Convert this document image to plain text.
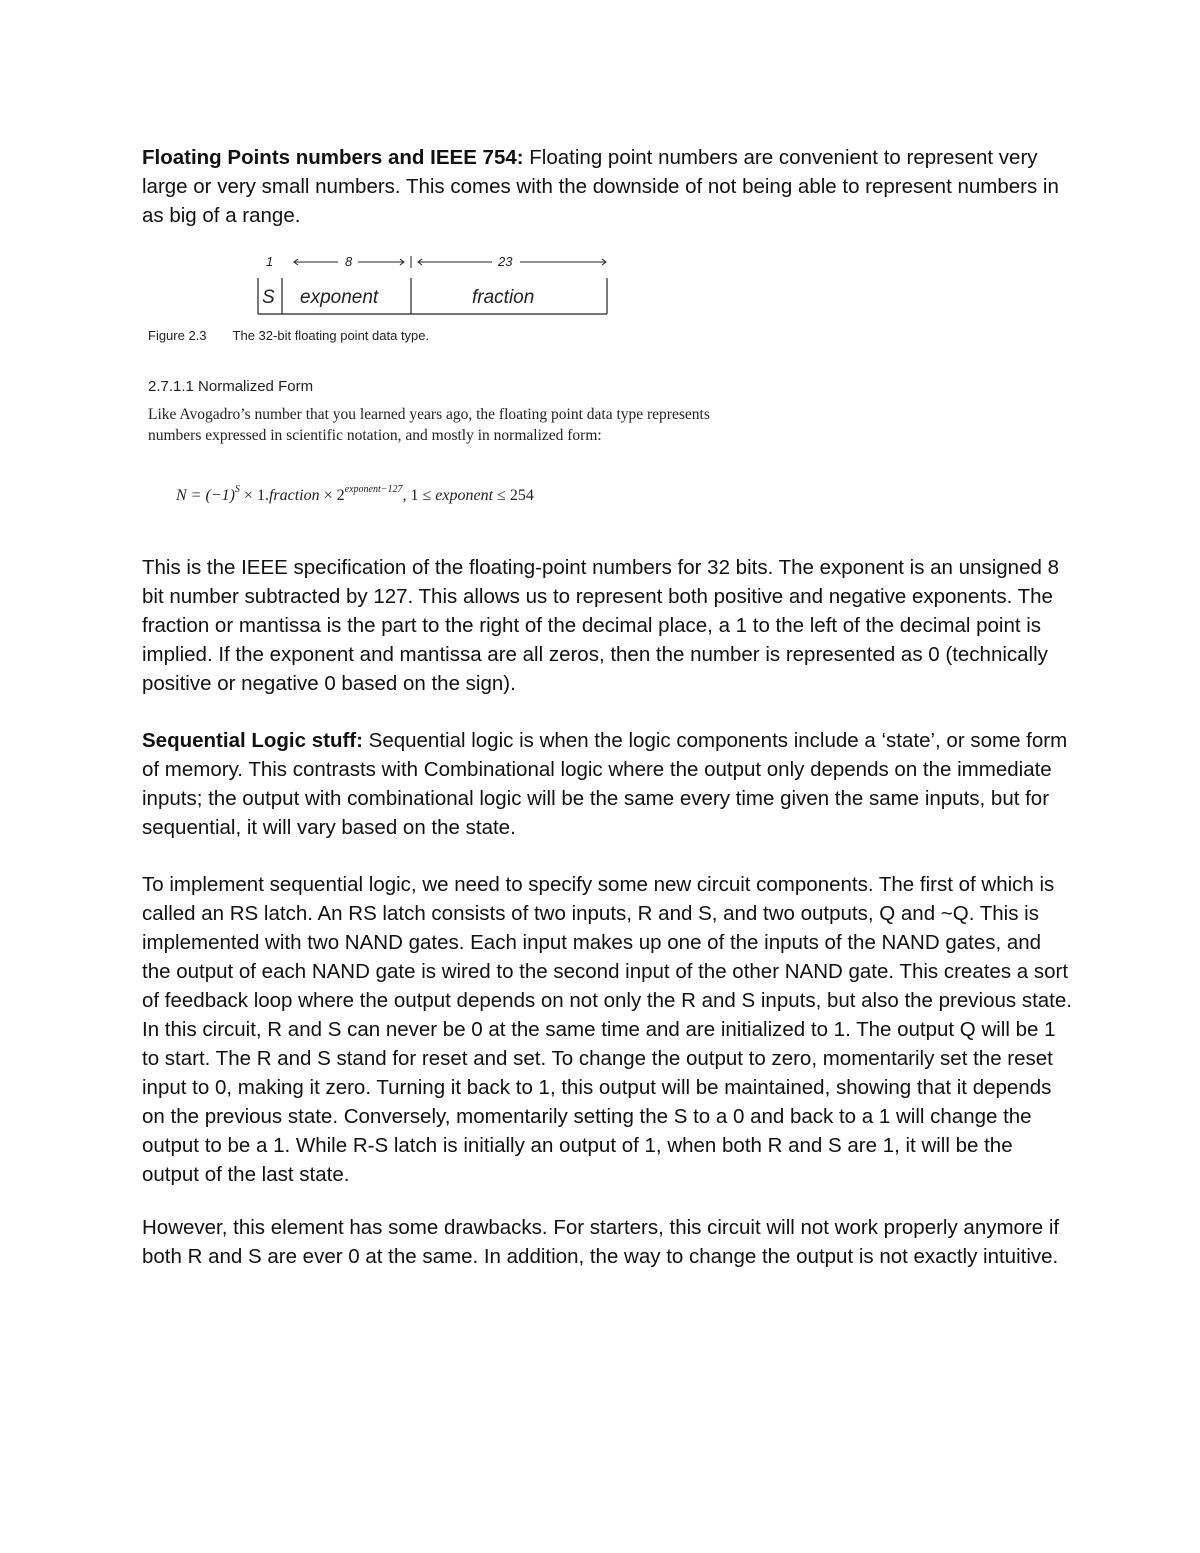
Floating Points numbers and IEEE 754: Floating point numbers are convenient to represent very large or very small numbers. This comes with the downside of not being able to represent numbers in as big of a range.

1	8	23
S exponent	fraction
Figure 2.3 The 32-bit floating point data type.
2.7.1.1 Normalized Form
Like Avogadro’s number that you learned years ago, the floating point data type represents numbers expressed in scientific notation, and mostly in normalized form:
$N = (-1)^S$ × 1.fraction × $2^{exponent-127}$, 1 ≤ exponent ≤ 254

This is the IEEE specification of the floating-point numbers for 32 bits. The exponent is an unsigned 8 bit number subtracted by 127. This allows us to represent both positive and negative exponents. The fraction or mantissa is the part to the right of the decimal place, a 1 to the left of the decimal point is implied. If the exponent and mantissa are all zeros, then the number is represented as 0 (technically positive or negative 0 based on the sign).

Sequential Logic stuff: Sequential logic is when the logic components include a ‘state’, or some form of memory. This contrasts with Combinational logic where the output only depends on the immediate inputs; the output with combinational logic will be the same every time given the same inputs, but for sequential, it will vary based on the state.

To implement sequential logic, we need to specify some new circuit components. The first of which is called an RS latch. An RS latch consists of two inputs, R and S, and two outputs, Q and ~Q. This is implemented with two NAND gates. Each input makes up one of the inputs of the NAND gates, and the output of each NAND gate is wired to the second input of the other NAND gate. This creates a sort of feedback loop where the output depends on not only the R and S inputs, but also the previous state. In this circuit, R and S can never be 0 at the same time and are initialized to 1. The output Q will be 1 to start. The R and S stand for reset and set. To change the output to zero, momentarily set the reset input to 0, making it zero. Turning it back to 1, this output will be maintained, showing that it depends on the previous state. Conversely, momentarily setting the S to a 0 and back to a 1 will change the output to be a 1. While R-S latch is initially an output of 1, when both R and S are 1, it will be the output of the last state.

However, this element has some drawbacks. For starters, this circuit will not work properly anymore if both R and S are ever 0 at the same. In addition, the way to change the output is not exactly intuitive.
